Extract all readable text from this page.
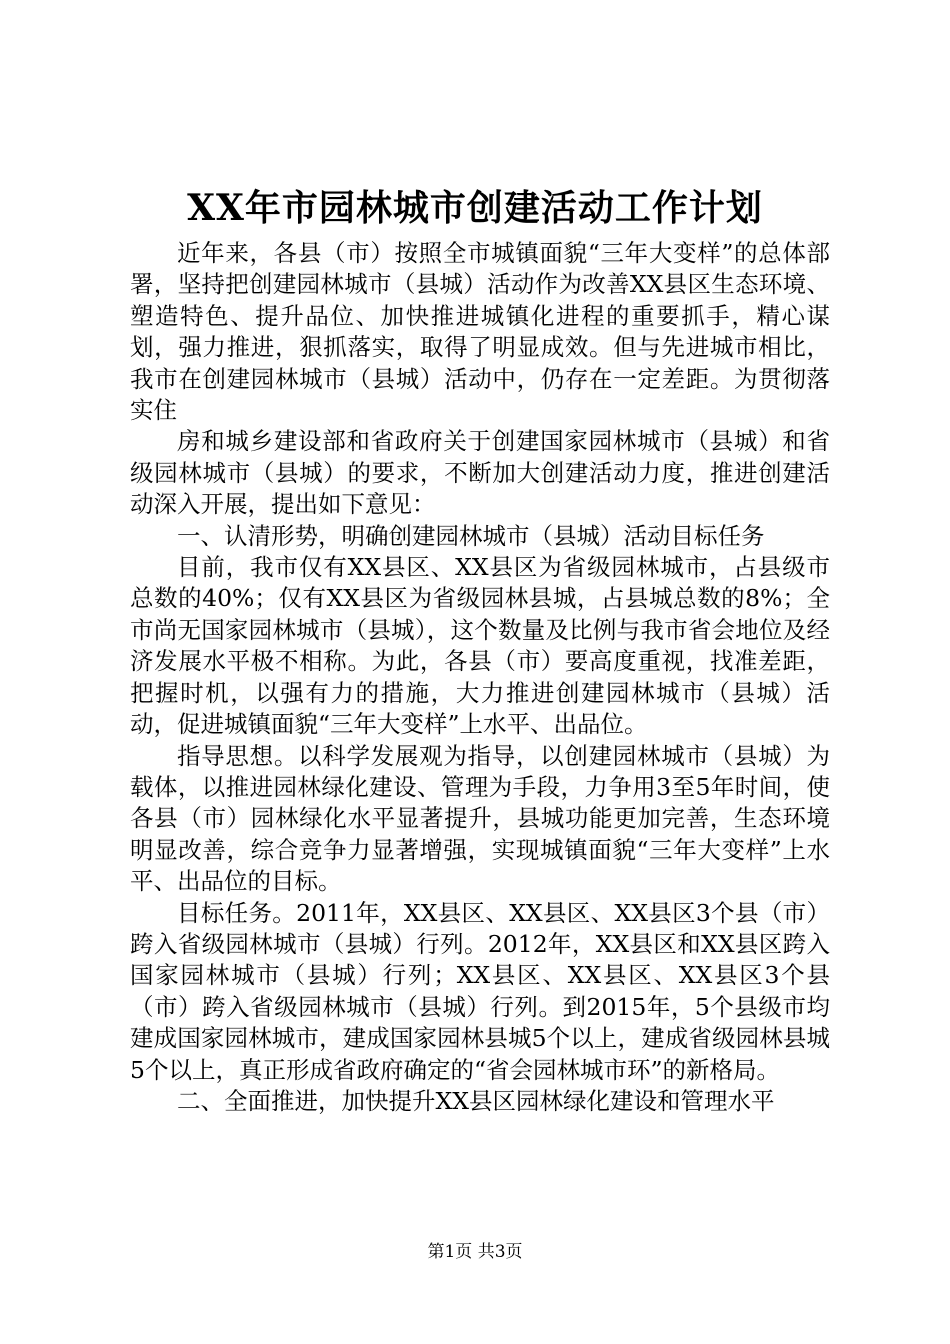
XX年市园林城市创建活动工作计划

近年来，各县（市）按照全市城镇面貌“三年大变样”的总体部署，坚持把创建园林城市（县城）活动作为改善XX县区生态环境、塑造特色、提升品位、加快推进城镇化进程的重要抓手，精心谋划，强力推进，狠抓落实，取得了明显成效。但与先进城市相比，我市在创建园林城市（县城）活动中，仍存在一定差距。为贯彻落实住

房和城乡建设部和省政府关于创建国家园林城市（县城）和省级园林城市（县城）的要求，不断加大创建活动力度，推进创建活动深入开展，提出如下意见：

一、认清形势，明确创建园林城市（县城）活动目标任务

目前，我市仅有XX县区、XX县区为省级园林城市，占县级市总数的40%；仅有XX县区为省级园林县城，占县城总数的8%；全市尚无国家园林城市（县城），这个数量及比例与我市省会地位及经济发展水平极不相称。为此，各县（市）要高度重视，找准差距，把握时机，以强有力的措施，大力推进创建园林城市（县城）活动，促进城镇面貌“三年大变样”上水平、出品位。

指导思想。以科学发展观为指导，以创建园林城市（县城）为载体，以推进园林绿化建设、管理为手段，力争用3至5年时间，使各县（市）园林绿化水平显著提升，县城功能更加完善，生态环境明显改善，综合竞争力显著增强，实现城镇面貌“三年大变样”上水平、出品位的目标。

目标任务。2011年，XX县区、XX县区、XX县区3个县（市）跨入省级园林城市（县城）行列。2012年，XX县区和XX县区跨入国家园林城市（县城）行列；XX县区、XX县区、XX县区3个县（市）跨入省级园林城市（县城）行列。到2015年，5个县级市均建成国家园林城市，建成国家园林县城5个以上，建成省级园林县城5个以上，真正形成省政府确定的“省会园林城市环”的新格局。

二、全面推进，加快提升XX县区园林绿化建设和管理水平

第1页 共3页
